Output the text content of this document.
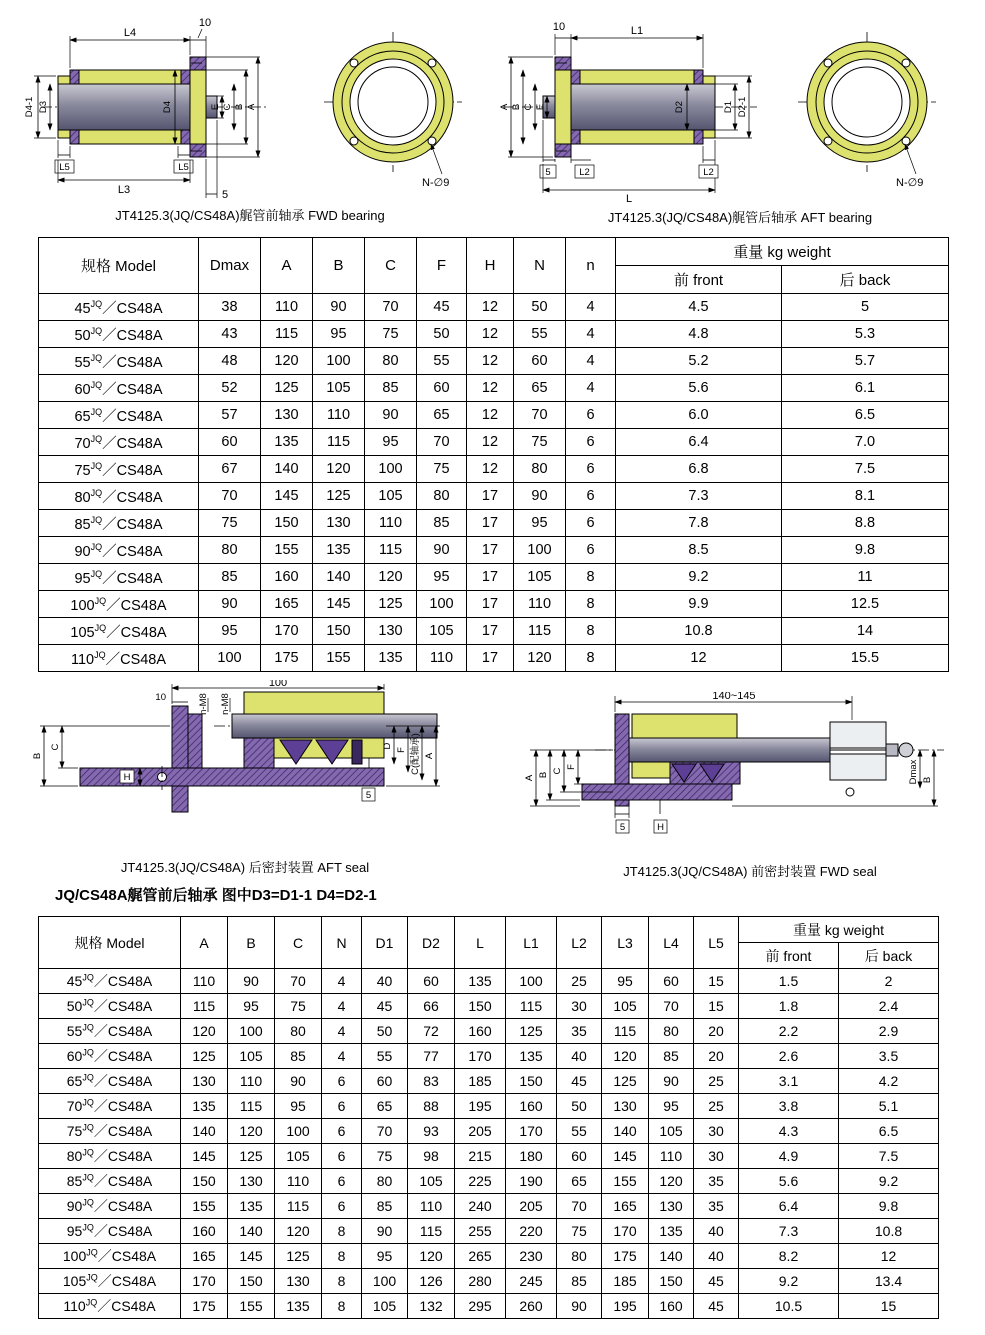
L4
10
D4-1 D3	D4	E C B A
L5	L5
L3	5
N-∅9
10	L1
A B C E	D2	D1 D2-1
5	L2	L2
L
N-∅9
JT4125.3(JQ/CS48A)艉管前轴承 FWD bearing	JT4125.3(JQ/CS48A)艉管后轴承 AFT bearing
规格 Model	Dmax	A	B	C	F	H	N	n	重量 kg weight	
									前 front	后 back
$45^{JQ}/CS48A$	38	110	90	70	45	12	50	4	4.5	5
$50^{JQ}/CS48A$	43	115	95	75	50	12	55	4	4.8	5.3
$55^{JQ}/CS48A$	48	120	100	80	55	12	60	4	5.2	5.7
$60^{JQ}/CS48A$	52	125	105	85	60	12	65	4	5.6	6.1
$65^{JQ}/CS48A$	57	130	110	90	65	12	70	6	6.0	6.5
$70^{JQ}/CS48A$	60	135	115	95	70	12	75	6	6.4	7.0
$75^{JQ}/CS48A$	67	140	120	100	75	12	80	6	6.8	7.5
$80^{JQ}/CS48A$	70	145	125	105	80	17	90	6	7.3	8.1
$85^{JQ}/CS48A$	75	150	130	110	85	17	95	6	7.8	8.8
$90^{JQ}/CS48A$	80	155	135	115	90	17	100	6	8.5	9.8
$95^{JQ}/CS48A$	85	160	140	120	95	17	105	8	9.2	11
$100^{JQ}/CS48A$	90	165	145	125	100	17	110	8	9.9	12.5
$105^{JQ}/CS48A$	95	170	150	130	105	17	115	8	10.8	14
$110^{JQ}/CS48A$	100	175	155	135	110	17	120	8	12	15.5
100
10	n-M8 n-M8
B
C
H
5
D
F C(配轴承) A
140~145
A B
C
F
5	H
Dmax B
JT4125.3(JQ/CS48A) 后密封装置 AFT seal	JT4125.3(JQ/CS48A) 前密封装置 FWD seal
JQ/CS48A艉管前后轴承 图中D3=D1-1 D4=D2-1
规格 Model	A	B	C	N	D1	D2	L	L1	L2	L3	L4	L5	重量 kg weight	
													前 front	后 back
$45^{JQ}/CS48A$	110	90	70	4	40	60	135	100	25	95	60	15	1.5	2
$50^{JQ}/CS48A$	115	95	75	4	45	66	150	115	30	105	70	15	1.8	2.4
$55^{JQ}/CS48A$	120	100	80	4	50	72	160	125	35	115	80	20	2.2	2.9
$60^{JQ}/CS48A$	125	105	85	4	55	77	170	135	40	120	85	20	2.6	3.5
$65^{JQ}/CS48A$	130	110	90	6	60	83	185	150	45	125	90	25	3.1	4.2
$70^{JQ}/CS48A$	135	115	95	6	65	88	195	160	50	130	95	25	3.8	5.1
$75^{JQ}/CS48A$	140	120	100	6	70	93	205	170	55	140	105	30	4.3	6.5
$80^{JQ}/CS48A$	145	125	105	6	75	98	215	180	60	145	110	30	4.9	7.5
$85^{JQ}/CS48A$	150	130	110	6	80	105	225	190	65	155	120	35	5.6	9.2
$90^{JQ}/CS48A$	155	135	115	6	85	110	240	205	70	165	130	35	6.4	9.8
$95^{JQ}/CS48A$	160	140	120	8	90	115	255	220	75	170	135	40	7.3	10.8
$100^{JQ}/CS48A$	165	145	125	8	95	120	265	230	80	175	140	40	8.2	12
$105^{JQ}/CS48A$	170	150	130	8	100	126	280	245	85	185	150	45	9.2	13.4
$110^{JQ}/CS48A$	175	155	135	8	105	132	295	260	90	195	160	45	10.5	15
